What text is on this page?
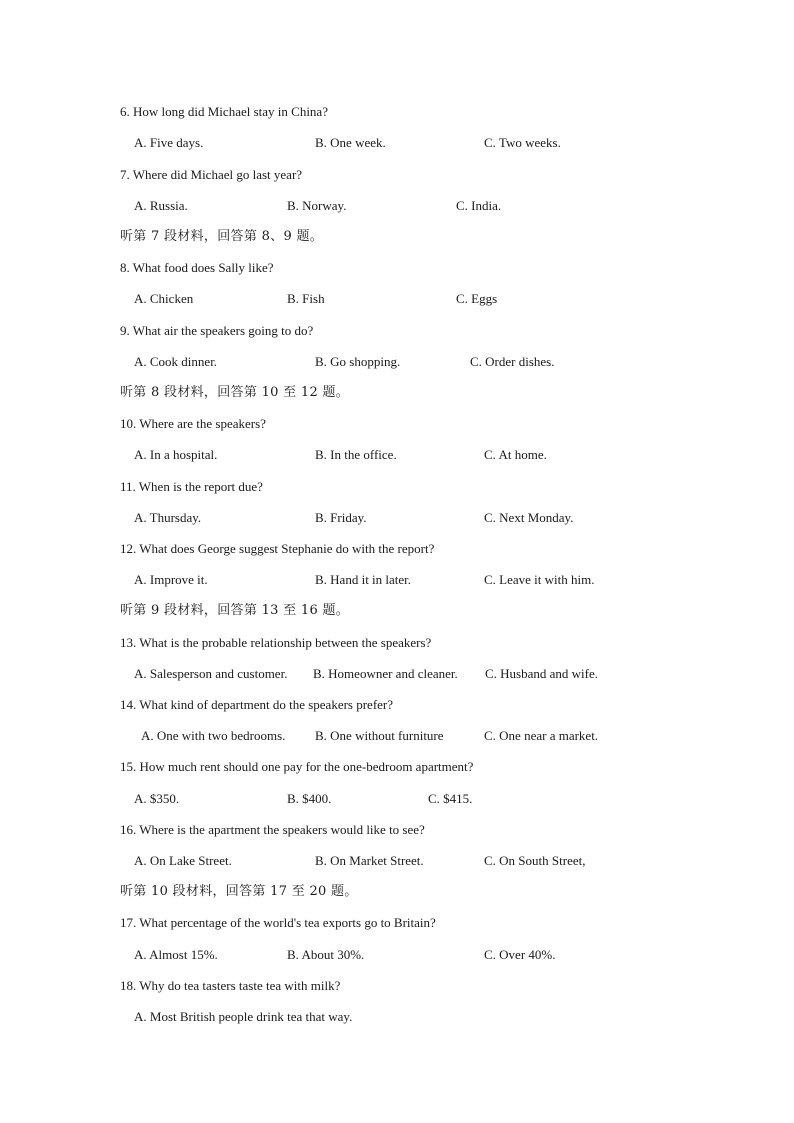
6. How long did Michael stay in China?
A. Five days.	B. One week.	C. Two weeks.
7. Where did Michael go last year?
A. Russia.	B. Norway.	C. India.
听第 7 段材料，回答第 8、9 题。
8. What food does Sally like?
A. Chicken	B. Fish	C. Eggs
9. What air the speakers going to do?
A. Cook dinner.	B. Go shopping.	C. Order dishes.
听第 8 段材料，回答第 10 至 12 题。
10. Where are the speakers?
A. In a hospital.	B. In the office.	C. At home.
11. When is the report due?
A. Thursday.	B. Friday.	C. Next Monday.
12. What does George suggest Stephanie do with the report?
A. Improve it.	B. Hand it in later.	C. Leave it with him.
听第 9 段材料，回答第 13 至 16 题。
13. What is the probable relationship between the speakers?
A. Salesperson and customer. B. Homeowner and cleaner. C. Husband and wife.
14. What kind of department do the speakers prefer?
A. One with two bedrooms. B. One without furniture	C. One near a market.
15. How much rent should one pay for the one-bedroom apartment?
A. $350.	B. $400.	C. $415.
16. Where is the apartment the speakers would like to see?
A. On Lake Street.	B. On Market Street.	C. On South Street,
听第 10 段材料，回答第 17 至 20 题。
17. What percentage of the world's tea exports go to Britain?
A. Almost 15%.	B. About 30%.	C. Over 40%.
18. Why do tea tasters taste tea with milk?
A. Most British people drink tea that way.
